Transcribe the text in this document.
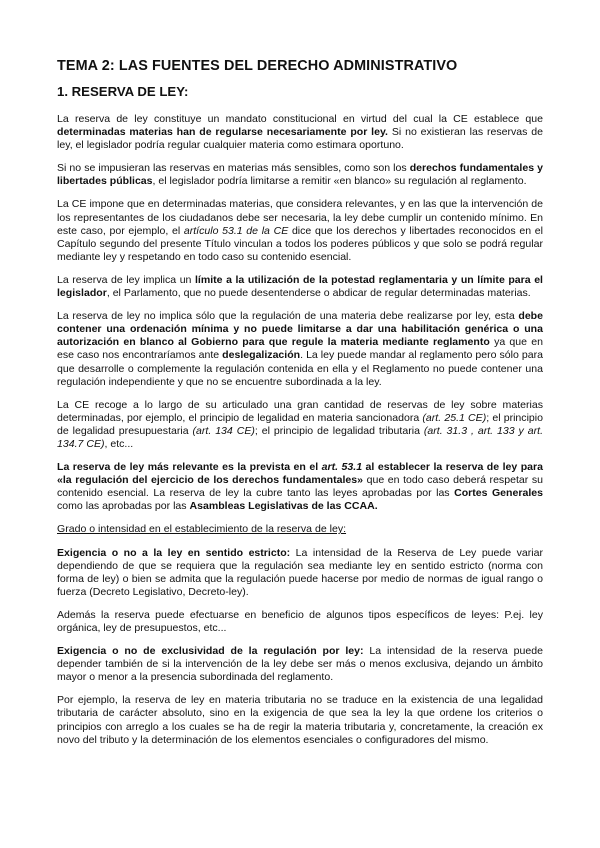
TEMA 2: LAS FUENTES DEL DERECHO ADMINISTRATIVO
1. RESERVA DE LEY:

La reserva de ley constituye un mandato constitucional en virtud del cual la CE establece que determinadas materias han de regularse necesariamente por ley. Si no existieran las reservas de ley, el legislador podría regular cualquier materia como estimara oportuno.

Si no se impusieran las reservas en materias más sensibles, como son los derechos fundamentales y libertades públicas, el legislador podría limitarse a remitir «en blanco» su regulación al reglamento.

La CE impone que en determinadas materias, que considera relevantes, y en las que la intervención de los representantes de los ciudadanos debe ser necesaria, la ley debe cumplir un contenido mínimo. En este caso, por ejemplo, el artículo 53.1 de la CE dice que los derechos y libertades reconocidos en el Capítulo segundo del presente Título vinculan a todos los poderes públicos y que solo se podrá regular mediante ley y respetando en todo caso su contenido esencial.

La reserva de ley implica un límite a la utilización de la potestad reglamentaria y un límite para el legislador, el Parlamento, que no puede desentenderse o abdicar de regular determinadas materias.

La reserva de ley no implica sólo que la regulación de una materia debe realizarse por ley, esta debe contener una ordenación mínima y no puede limitarse a dar una habilitación genérica o una autorización en blanco al Gobierno para que regule la materia mediante reglamento ya que en ese caso nos encontraríamos ante deslegalización. La ley puede mandar al reglamento pero sólo para que desarrolle o complemente la regulación contenida en ella y el Reglamento no puede contener una regulación independiente y que no se encuentre subordinada a la ley.

La CE recoge a lo largo de su articulado una gran cantidad de reservas de ley sobre materias determinadas, por ejemplo, el principio de legalidad en materia sancionadora (art. 25.1 CE); el principio de legalidad presupuestaria (art. 134 CE); el principio de legalidad tributaria (art. 31.3 , art. 133 y art. 134.7 CE), etc...

La reserva de ley más relevante es la prevista en el art. 53.1 al establecer la reserva de ley para «la regulación del ejercicio de los derechos fundamentales» que en todo caso deberá respetar su contenido esencial. La reserva de ley la cubre tanto las leyes aprobadas por las Cortes Generales como las aprobadas por las Asambleas Legislativas de las CCAA.

Grado o intensidad en el establecimiento de la reserva de ley:

Exigencia o no a la ley en sentido estricto: La intensidad de la Reserva de Ley puede variar dependiendo de que se requiera que la regulación sea mediante ley en sentido estricto (norma con forma de ley) o bien se admita que la regulación puede hacerse por medio de normas de igual rango o fuerza (Decreto Legislativo, Decreto-ley).

Además la reserva puede efectuarse en beneficio de algunos tipos específicos de leyes: P.ej. ley orgánica, ley de presupuestos, etc...

Exigencia o no de exclusividad de la regulación por ley: La intensidad de la reserva puede depender también de si la intervención de la ley debe ser más o menos exclusiva, dejando un ámbito mayor o menor a la presencia subordinada del reglamento.

Por ejemplo, la reserva de ley en materia tributaria no se traduce en la existencia de una legalidad tributaria de carácter absoluto, sino en la exigencia de que sea la ley la que ordene los criterios o principios con arreglo a los cuales se ha de regir la materia tributaria y, concretamente, la creación ex novo del tributo y la determinación de los elementos esenciales o configuradores del mismo.
